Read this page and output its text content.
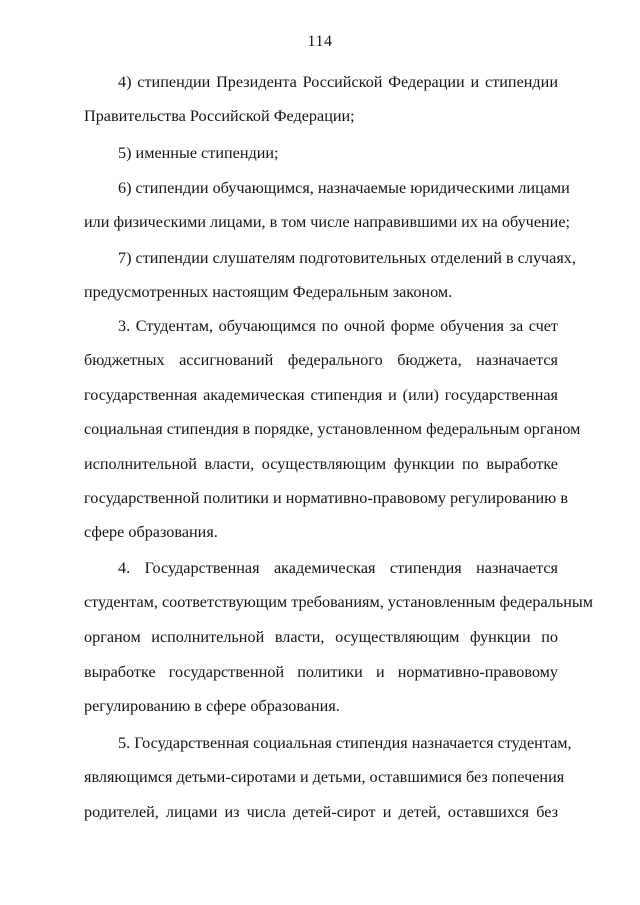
114
4) стипендии Президента Российской Федерации и стипендии
Правительства Российской Федерации;
5) именные стипендии;
6) стипендии обучающимся, назначаемые юридическими лицами
или физическими лицами, в том числе направившими их на обучение;
7) стипендии слушателям подготовительных отделений в случаях,
предусмотренных настоящим Федеральным законом.
3. Студентам, обучающимся по очной форме обучения за счет
бюджетных ассигнований федерального бюджета, назначается
государственная академическая стипендия и (или) государственная
социальная стипендия в порядке, установленном федеральным органом
исполнительной власти, осуществляющим функции по выработке
государственной политики и нормативно-правовому регулированию в
сфере образования.
4. Государственная академическая стипендия назначается
студентам, соответствующим требованиям, установленным федеральным
органом исполнительной власти, осуществляющим функции по
выработке государственной политики и нормативно-правовому
регулированию в сфере образования.
5. Государственная социальная стипендия назначается студентам,
являющимся детьми-сиротами и детьми, оставшимися без попечения
родителей, лицами из числа детей-сирот и детей, оставшихся без
